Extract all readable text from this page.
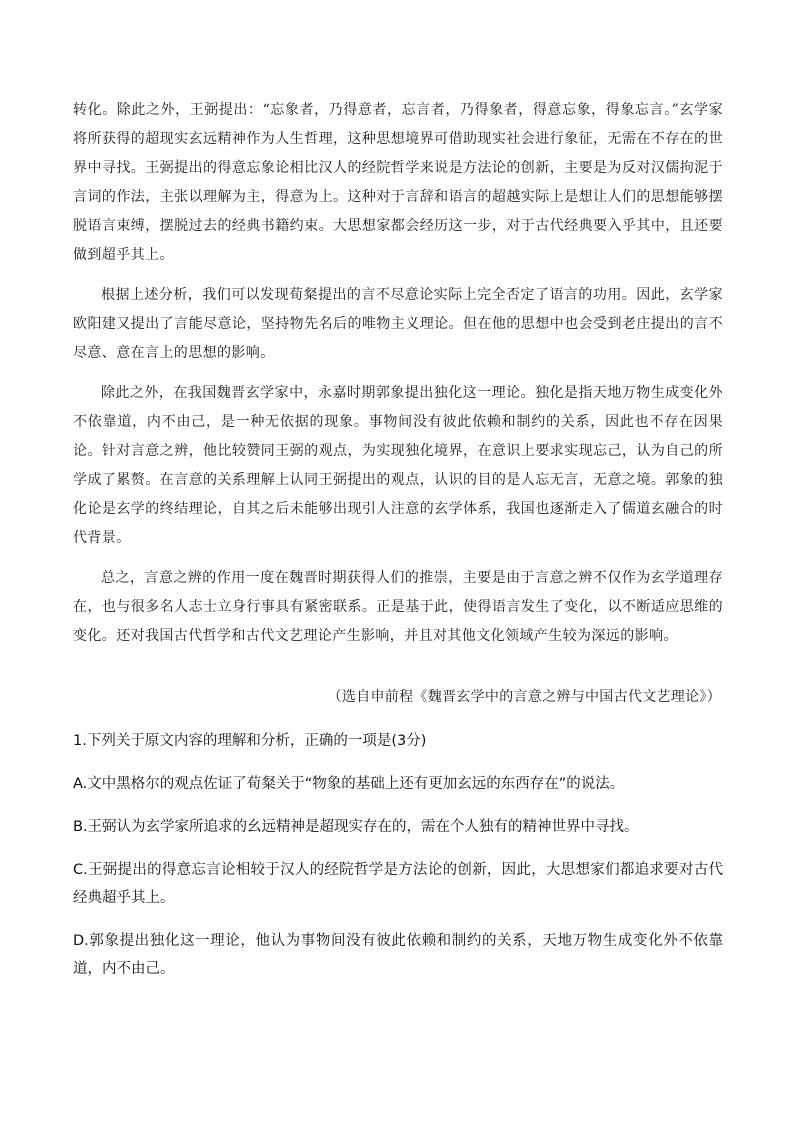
转化。除此之外，王弼提出：“忘象者，乃得意者，忘言者，乃得象者，得意忘象，得象忘言。”玄学家将所获得的超现实玄远精神作为人生哲理，这种思想境界可借助现实社会进行象征，无需在不存在的世界中寻找。王弼提出的得意忘象论相比汉人的经院哲学来说是方法论的创新，主要是为反对汉儒拘泥于言词的作法，主张以理解为主，得意为上。这种对于言辞和语言的超越实际上是想让人们的思想能够摆脱语言束缚，摆脱过去的经典书籍约束。大思想家都会经历这一步，对于古代经典要入乎其中，且还要做到超乎其上。

根据上述分析，我们可以发现荀粲提出的言不尽意论实际上完全否定了语言的功用。因此，玄学家欧阳建又提出了言能尽意论，坚持物先名后的唯物主义理论。但在他的思想中也会受到老庄提出的言不尽意、意在言上的思想的影响。

除此之外，在我国魏晋玄学家中，永嘉时期郭象提出独化这一理论。独化是指天地万物生成变化外不依靠道，内不由己，是一种无依据的现象。事物间没有彼此依赖和制约的关系，因此也不存在因果论。针对言意之辨，他比较赞同王弼的观点，为实现独化境界，在意识上要求实现忘己，认为自己的所学成了累赘。在言意的关系理解上认同王弼提出的观点，认识的目的是人忘无言，无意之境。郭象的独化论是玄学的终结理论，自其之后未能够出现引人注意的玄学体系，我国也逐渐走入了儒道玄融合的时代背景。

总之，言意之辨的作用一度在魏晋时期获得人们的推崇，主要是由于言意之辨不仅作为玄学道理存在，也与很多名人志士立身行事具有紧密联系。正是基于此，使得语言发生了变化，以不断适应思维的变化。还对我国古代哲学和古代文艺理论产生影响，并且对其他文化领域产生较为深远的影响。

（选自申前程《魏晋玄学中的言意之辨与中国古代文艺理论》）
1.下列关于原文内容的理解和分析，正确的一项是(3分)
A.文中黑格尔的观点佐证了荀粲关于“物象的基础上还有更加玄远的东西存在”的说法。
B.王弼认为玄学家所追求的幺远精神是超现实存在的，需在个人独有的精神世界中寻找。
C.王弼提出的得意忘言论相较于汉人的经院哲学是方法论的创新，因此，大思想家们都追求要对古代经典超乎其上。
D.郭象提出独化这一理论，他认为事物间没有彼此依赖和制约的关系，天地万物生成变化外不依靠道，内不由己。
